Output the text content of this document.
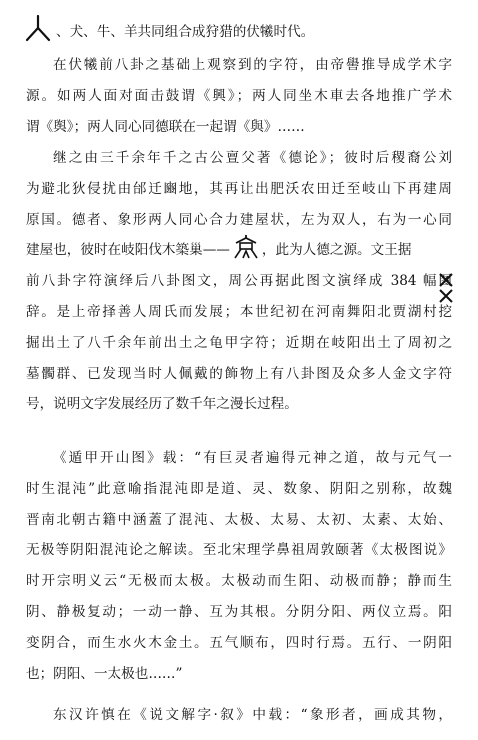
、犬、牛、羊共同组合成狩猎的伏犧时代。
在伏犧前八卦之基础上观察到的字符，由帝嚳推导成学术字
源。如两人面对面击鼓谓《興》；两人同坐木車去各地推广学术
谓《舆》；两人同心同德联在一起谓《與》……
继之由三千余年千之古公亶父著《德论》；彼时后稷裔公刘
为避北狄侵扰由邰迁豳地，其再让出肥沃农田迁至岐山下再建周
原国。德者、象形两人同心合力建屋状，左为双人，右为一心同
建屋也，彼时在岐阳伐木築巢—— ，此为人德之源。文王据
前八卦字符演绎后八卦图文，周公再据此图文演绎成 384 幅图
辞。是上帝择善人周氏而发展；本世纪初在河南舞阳北贾湖村挖
掘出土了八千余年前出土之龟甲字符；近期在岐阳出土了周初之
墓髑群、已发现当时人佩戴的飾物上有八卦图及众多人金文字符
号，说明文字发展经历了数千年之漫长过程。
《遁甲开山图》载：“有巨灵者遍得元神之道，故与元气一
时生混沌”此意喻指混沌即是道、灵、数象、阴阳之别称，故魏
晋南北朝古籍中涵蓋了混沌、太极、太易、太初、太素、太始、
无极等阴阳混沌论之解读。至北宋理学鼻祖周敦颐著《太极图说》
时开宗明义云“无极而太极。太极动而生阳、动极而静；静而生
阴、静极复动；一动一静、互为其根。分阴分阳、两仪立焉。阳
变阴合，而生水火木金土。五气顺布，四时行焉。五行、一阴阳
也；阴阳、一太极也……”
东汉许慎在《说文解字·叙》中载：“象形者，画成其物，
